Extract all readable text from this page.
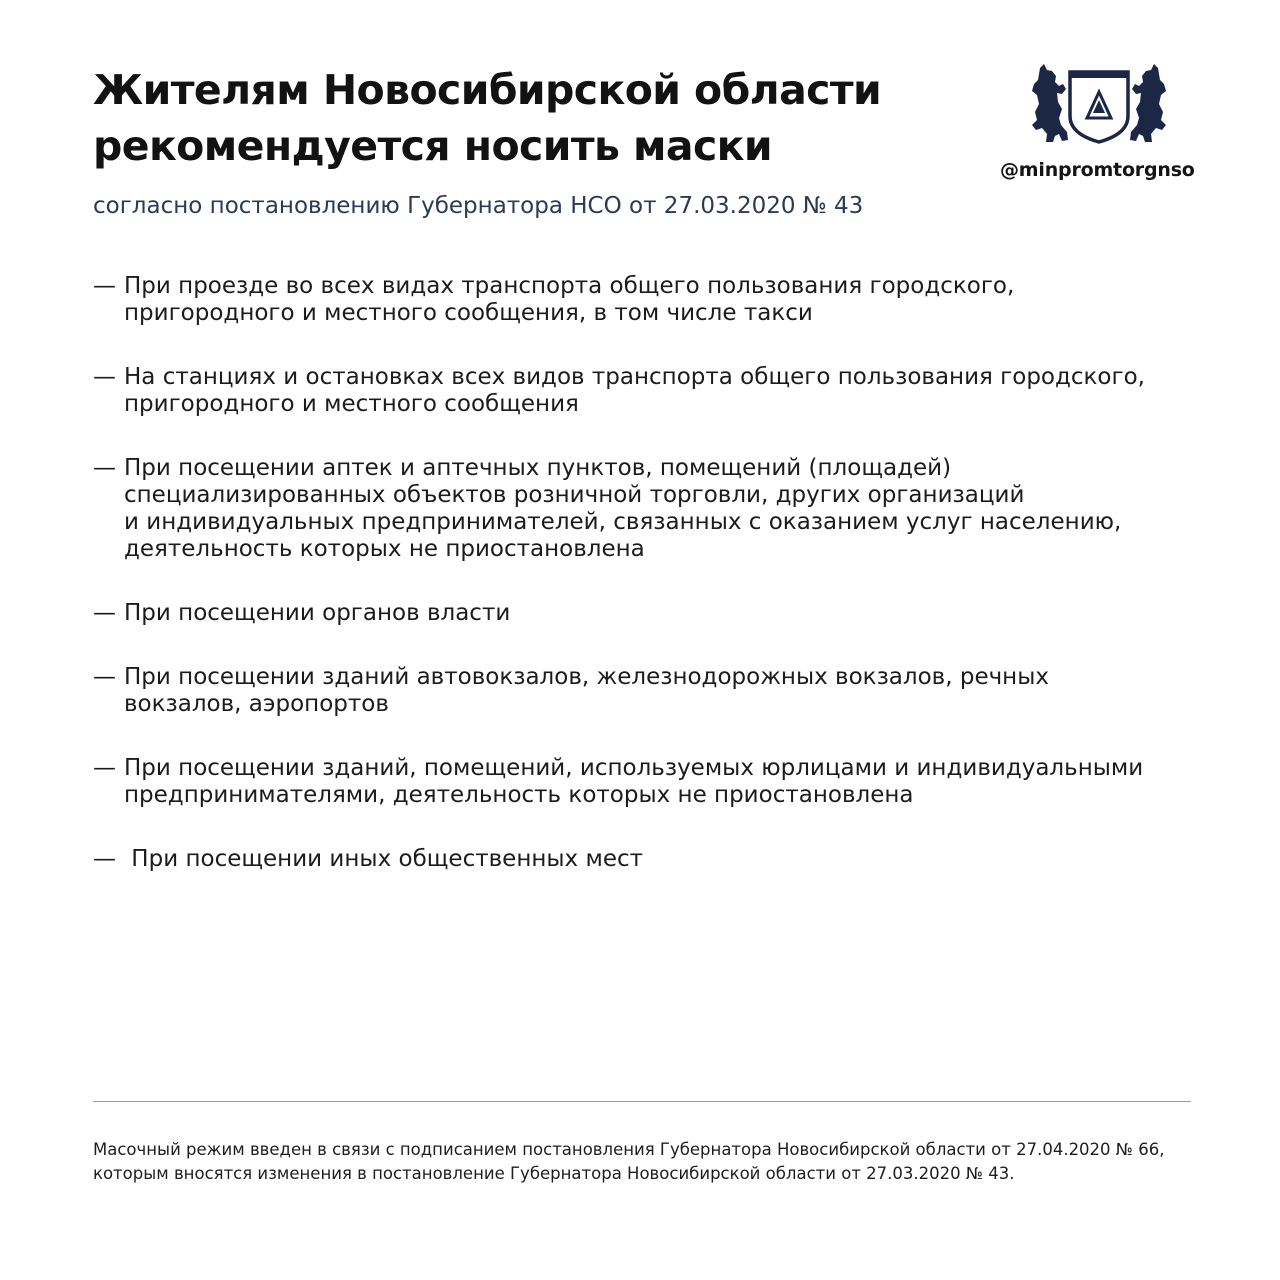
Жителям Новосибирской области
рекомендуется носить маски
согласно постановлению Губернатора НСО от 27.03.2020 № 43
@minpromtorgnso
— При проезде во всех видах транспорта общего пользования городского,
пригородного и местного сообщения, в том числе такси
— На станциях и остановках всех видов транспорта общего пользования городского,
пригородного и местного сообщения
— При посещении аптек и аптечных пунктов, помещений (площадей)
специализированных объектов розничной торговли, других организаций
и индивидуальных предпринимателей, связанных с оказанием услуг населению,
деятельность которых не приостановлена
— При посещении органов власти
— При посещении зданий автовокзалов, железнодорожных вокзалов, речных
вокзалов, аэропортов
— При посещении зданий, помещений, используемых юрлицами и индивидуальными
предпринимателями, деятельность которых не приостановлена
— При посещении иных общественных мест
Масочный режим введен в связи с подписанием постановления Губернатора Новосибирской области от 27.04.2020 № 66,
которым вносятся изменения в постановление Губернатора Новосибирской области от 27.03.2020 № 43.
